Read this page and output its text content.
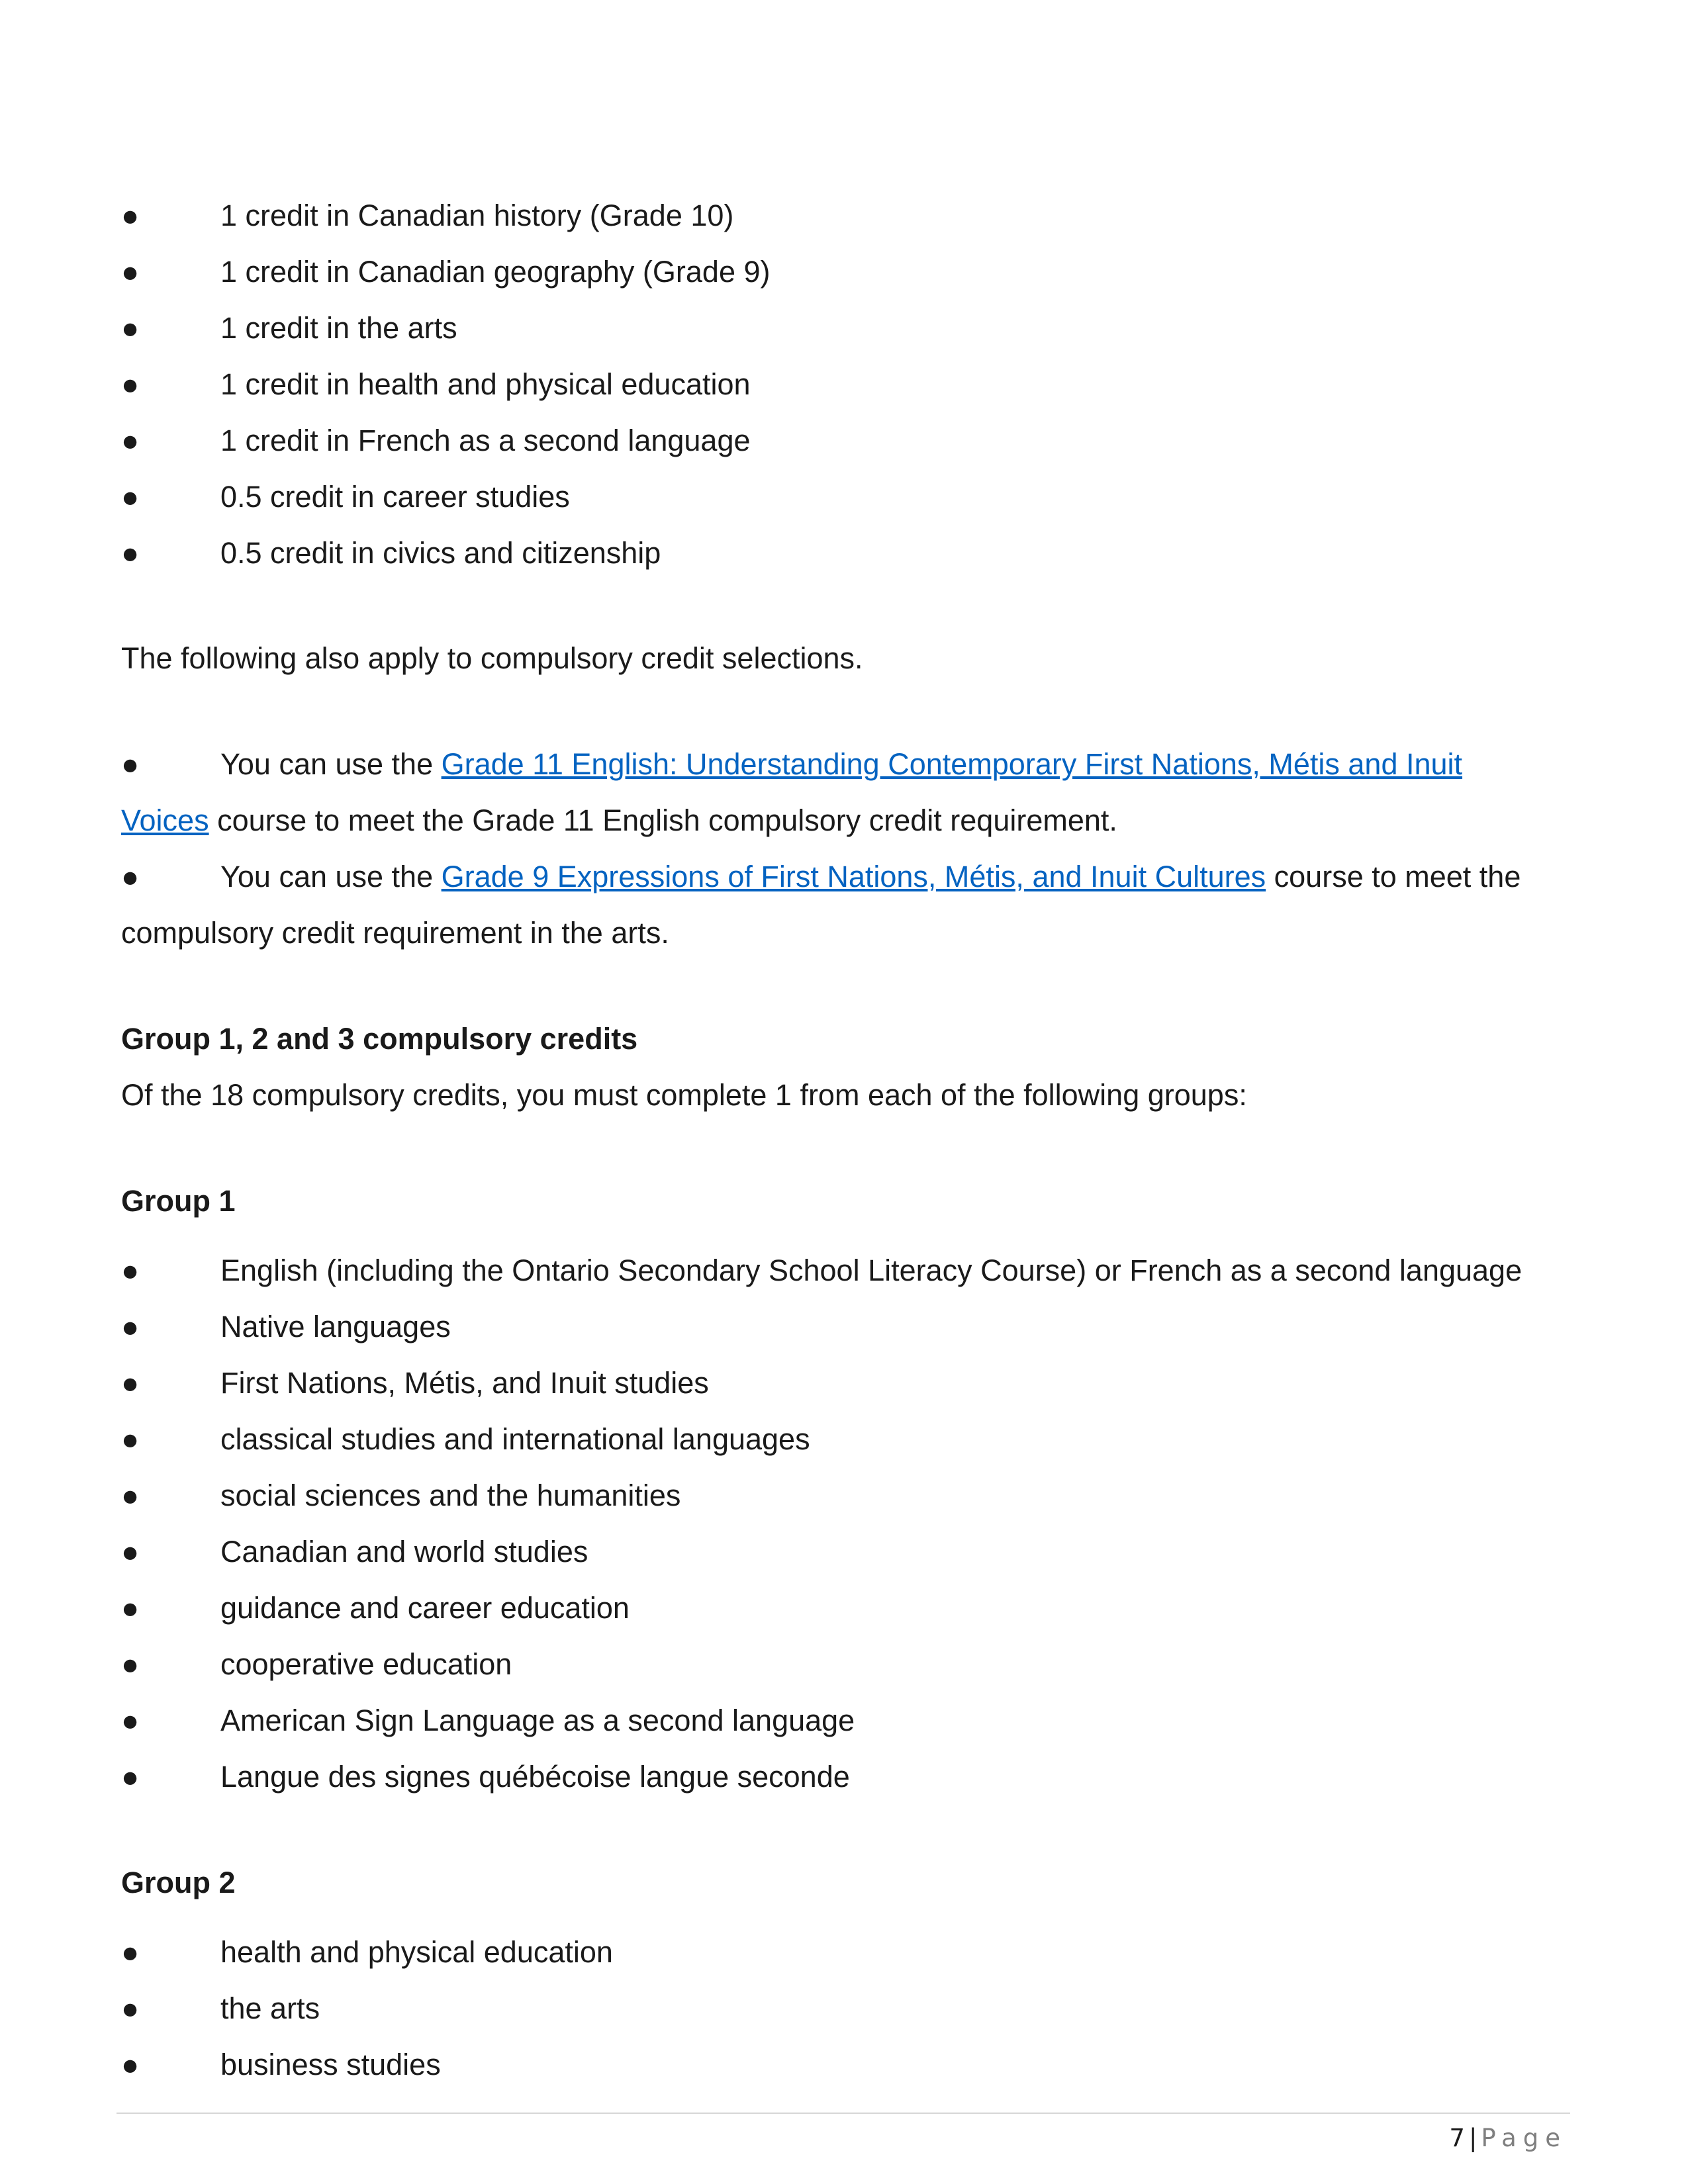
●	1 credit in Canadian history (Grade 10)
●	1 credit in Canadian geography (Grade 9)
●	1 credit in the arts
●	1 credit in health and physical education
●	1 credit in French as a second language
●	0.5 credit in career studies
●	0.5 credit in civics and citizenship
The following also apply to compulsory credit selections.
●	You can use the Grade 11 English: Understanding Contemporary First Nations, Métis and Inuit
Voices course to meet the Grade 11 English compulsory credit requirement.
●	You can use the Grade 9 Expressions of First Nations, Métis, and Inuit Cultures course to meet the
compulsory credit requirement in the arts.
Group 1, 2 and 3 compulsory credits
Of the 18 compulsory credits, you must complete 1 from each of the following groups:
Group 1
●	English (including the Ontario Secondary School Literacy Course) or French as a second language
●	Native languages
●	First Nations, Métis, and Inuit studies
●	classical studies and international languages
●	social sciences and the humanities
●	Canadian and world studies
●	guidance and career education
●	cooperative education
●	American Sign Language as a second language
●	Langue des signes québécoise langue seconde
Group 2
●	health and physical education
●	the arts
●	business studies
7 | Page
